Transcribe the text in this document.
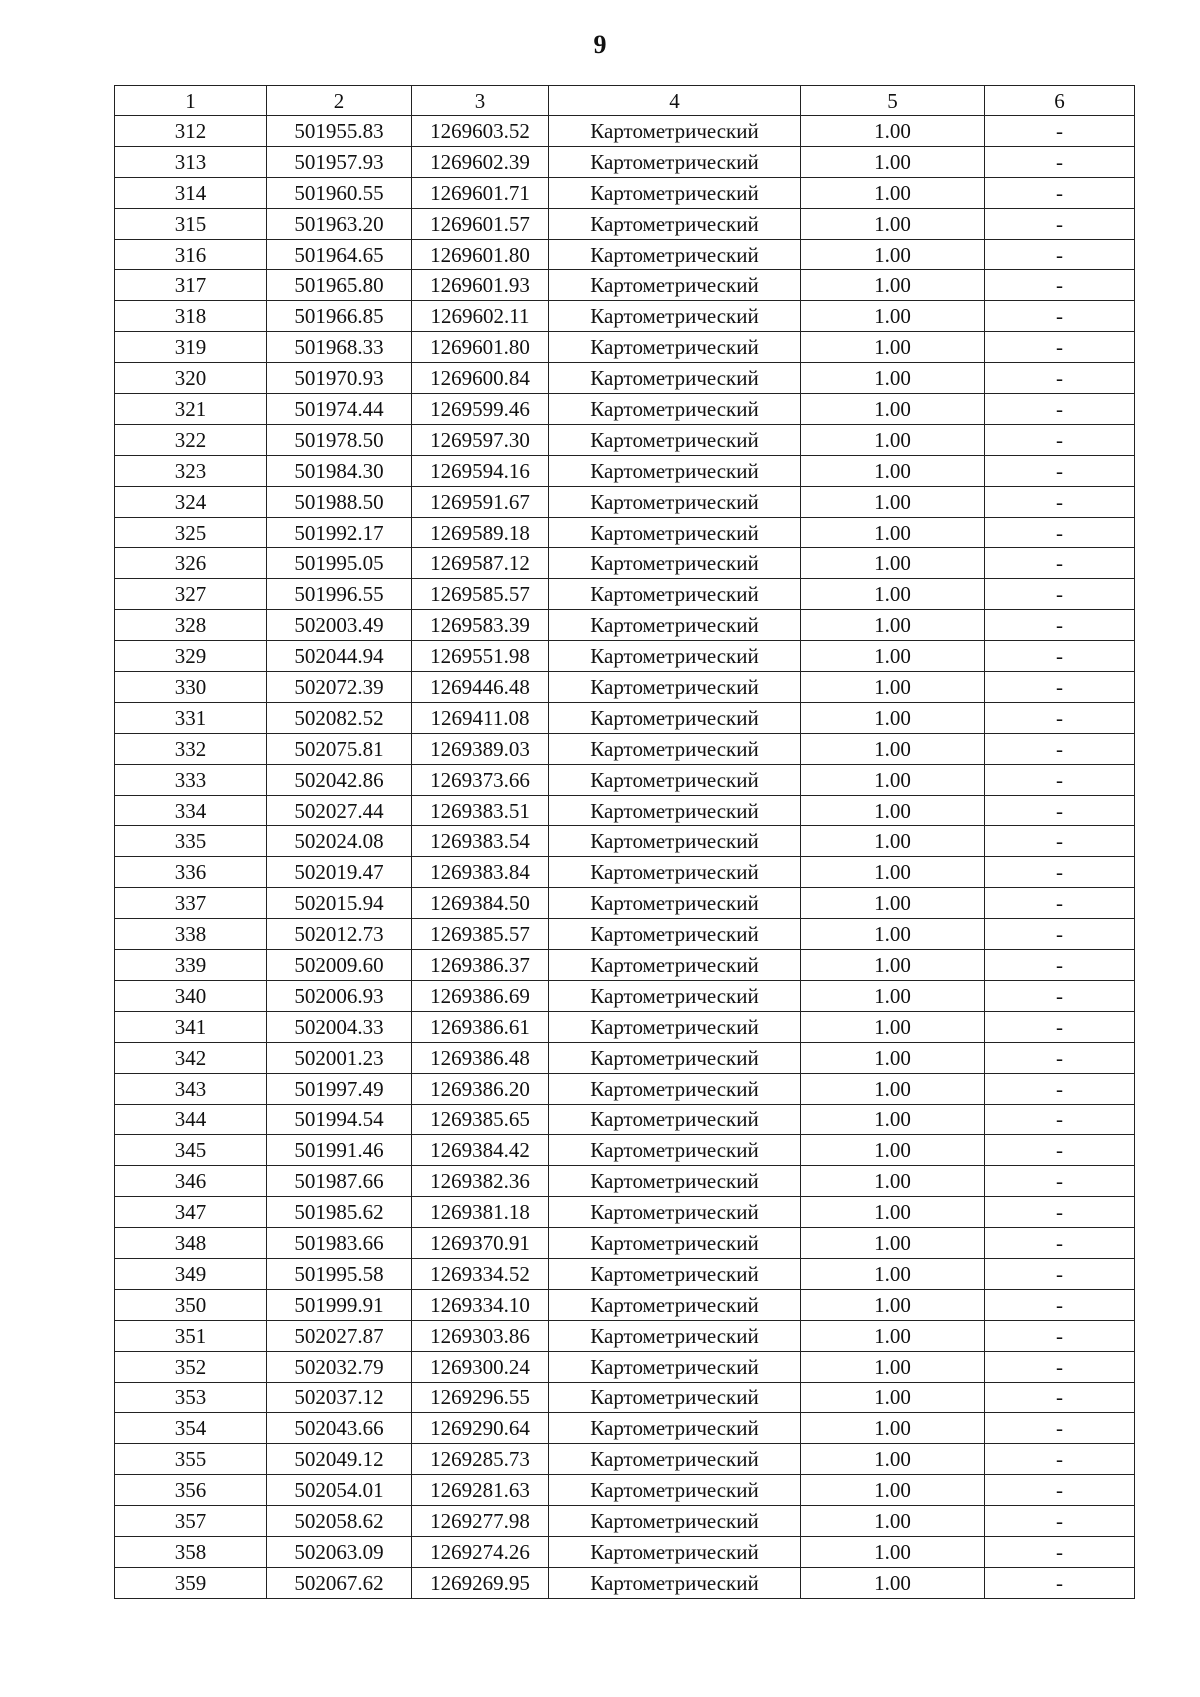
9
1	2	3	4	5	6
312	501955.83	1269603.52	Картометрический	1.00	-
313	501957.93	1269602.39	Картометрический	1.00	-
314	501960.55	1269601.71	Картометрический	1.00	-
315	501963.20	1269601.57	Картометрический	1.00	-
316	501964.65	1269601.80	Картометрический	1.00	-
317	501965.80	1269601.93	Картометрический	1.00	-
318	501966.85	1269602.11	Картометрический	1.00	-
319	501968.33	1269601.80	Картометрический	1.00	-
320	501970.93	1269600.84	Картометрический	1.00	-
321	501974.44	1269599.46	Картометрический	1.00	-
322	501978.50	1269597.30	Картометрический	1.00	-
323	501984.30	1269594.16	Картометрический	1.00	-
324	501988.50	1269591.67	Картометрический	1.00	-
325	501992.17	1269589.18	Картометрический	1.00	-
326	501995.05	1269587.12	Картометрический	1.00	-
327	501996.55	1269585.57	Картометрический	1.00	-
328	502003.49	1269583.39	Картометрический	1.00	-
329	502044.94	1269551.98	Картометрический	1.00	-
330	502072.39	1269446.48	Картометрический	1.00	-
331	502082.52	1269411.08	Картометрический	1.00	-
332	502075.81	1269389.03	Картометрический	1.00	-
333	502042.86	1269373.66	Картометрический	1.00	-
334	502027.44	1269383.51	Картометрический	1.00	-
335	502024.08	1269383.54	Картометрический	1.00	-
336	502019.47	1269383.84	Картометрический	1.00	-
337	502015.94	1269384.50	Картометрический	1.00	-
338	502012.73	1269385.57	Картометрический	1.00	-
339	502009.60	1269386.37	Картометрический	1.00	-
340	502006.93	1269386.69	Картометрический	1.00	-
341	502004.33	1269386.61	Картометрический	1.00	-
342	502001.23	1269386.48	Картометрический	1.00	-
343	501997.49	1269386.20	Картометрический	1.00	-
344	501994.54	1269385.65	Картометрический	1.00	-
345	501991.46	1269384.42	Картометрический	1.00	-
346	501987.66	1269382.36	Картометрический	1.00	-
347	501985.62	1269381.18	Картометрический	1.00	-
348	501983.66	1269370.91	Картометрический	1.00	-
349	501995.58	1269334.52	Картометрический	1.00	-
350	501999.91	1269334.10	Картометрический	1.00	-
351	502027.87	1269303.86	Картометрический	1.00	-
352	502032.79	1269300.24	Картометрический	1.00	-
353	502037.12	1269296.55	Картометрический	1.00	-
354	502043.66	1269290.64	Картометрический	1.00	-
355	502049.12	1269285.73	Картометрический	1.00	-
356	502054.01	1269281.63	Картометрический	1.00	-
357	502058.62	1269277.98	Картометрический	1.00	-
358	502063.09	1269274.26	Картометрический	1.00	-
359	502067.62	1269269.95	Картометрический	1.00	-
